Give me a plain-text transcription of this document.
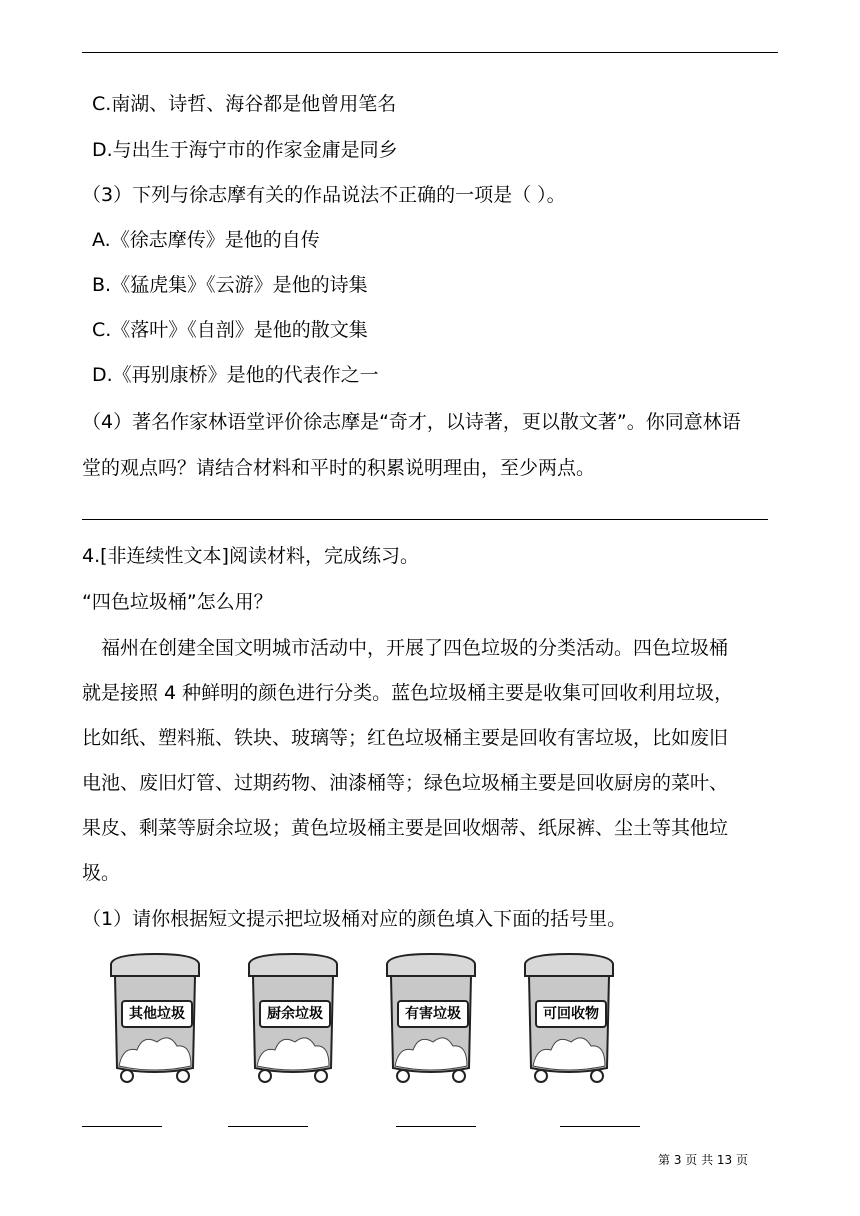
C.南湖、诗哲、海谷都是他曾用笔名
D.与出生于海宁市的作家金庸是同乡
（3）下列与徐志摩有关的作品说法不正确的一项是（ ）。
A.《徐志摩传》是他的自传
B.《猛虎集》《云游》是他的诗集
C.《落叶》《自剖》是他的散文集
D.《再别康桥》是他的代表作之一
（4）著名作家林语堂评价徐志摩是“奇才，以诗著，更以散文著”。你同意林语
堂的观点吗？请结合材料和平时的积累说明理由，至少两点。
4.[非连续性文本]阅读材料，完成练习。
“四色垃圾桶”怎么用？
　福州在创建全国文明城市活动中，开展了四色垃圾的分类活动。四色垃圾桶
就是接照 4 种鲜明的颜色进行分类。蓝色垃圾桶主要是收集可回收利用垃圾，
比如纸、塑料瓶、铁块、玻璃等；红色垃圾桶主要是回收有害垃圾，比如废旧
电池、废旧灯管、过期药物、油漆桶等；绿色垃圾桶主要是回收厨房的菜叶、
果皮、剩菜等厨余垃圾；黄色垃圾桶主要是回收烟蒂、纸尿裤、尘土等其他垃
圾。
（1）请你根据短文提示把垃圾桶对应的颜色填入下面的括号里。
其他垃圾	厨余垃圾	有害垃圾	可回收物
第 3 页 共 13 页
